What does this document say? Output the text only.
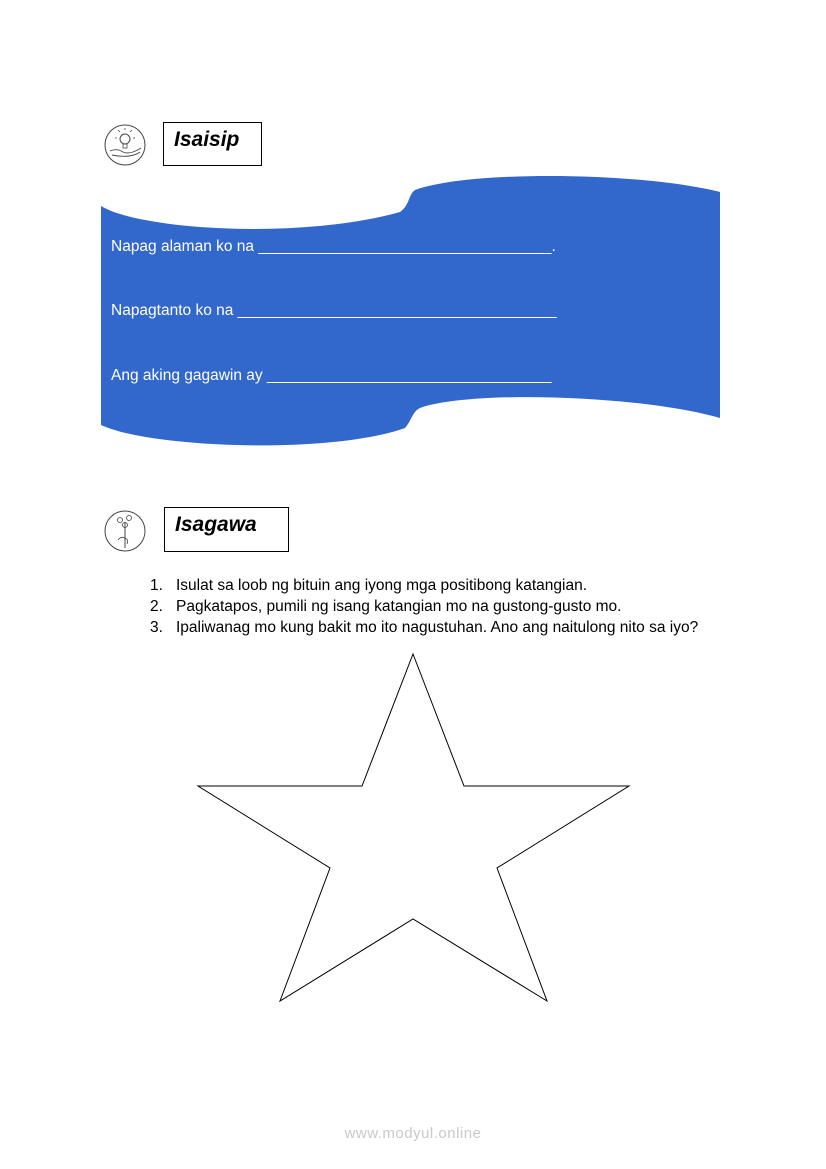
Isaisip
Napag alaman ko na __________________________________.
Napagtanto ko na _____________________________________
Ang aking gagawin ay _________________________________
Isagawa
1. Isulat sa loob ng bituin ang iyong mga positibong katangian.
2. Pagkatapos, pumili ng isang katangian mo na gustong-gusto mo.
3. Ipaliwanag mo kung bakit mo ito nagustuhan. Ano ang naitulong nito sa iyo?
www.modyul.online
